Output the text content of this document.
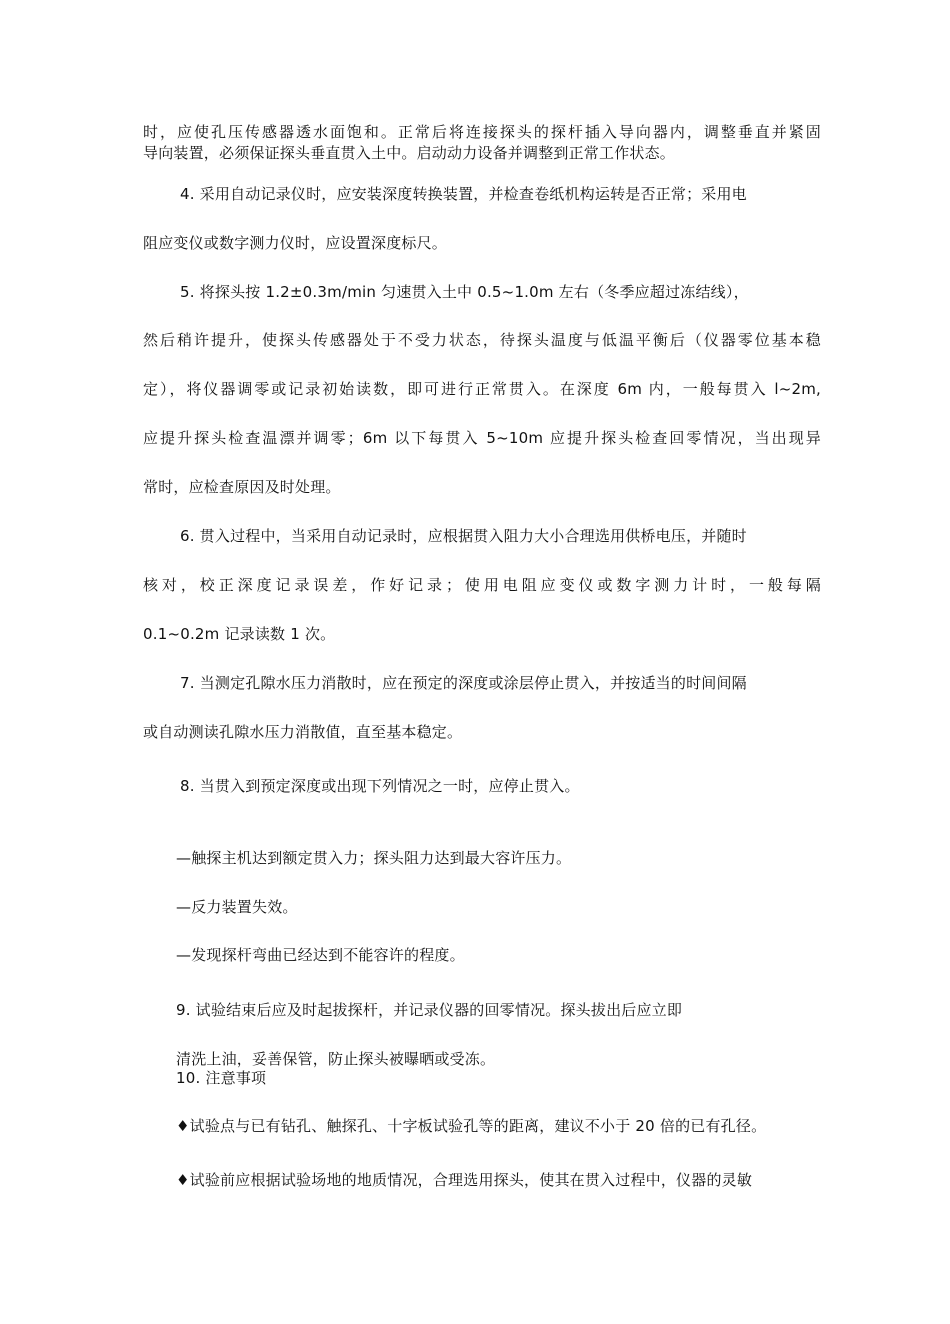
时，应使孔压传感器透水面饱和。正常后将连接探头的探杆插入导向器内，调整垂直并紧固
导向装置，必须保证探头垂直贯入土中。启动动力设备并调整到正常工作状态。
4. 采用自动记录仪时，应安装深度转换装置，并检查卷纸机构运转是否正常；采用电
阻应变仪或数字测力仪时，应设置深度标尺。
5. 将探头按 1.2±0.3m/min 匀速贯入土中 0.5~1.0m 左右（冬季应超过冻结线），
然后稍许提升，使探头传感器处于不受力状态，待探头温度与低温平衡后（仪器零位基本稳
定），将仪器调零或记录初始读数，即可进行正常贯入。在深度 6m 内，一般每贯入 l~2m,
应提升探头检查温漂并调零；6m 以下每贯入 5~10m 应提升探头检查回零情况，当出现异
常时，应检查原因及时处理。
6. 贯入过程中，当采用自动记录时，应根据贯入阻力大小合理选用供桥电压，并随时
核对，校正深度记录误差，作好记录；使用电阻应变仪或数字测力计时，一般每隔
0.1~0.2m 记录读数 1 次。
7. 当测定孔隙水压力消散时，应在预定的深度或涂层停止贯入，并按适当的时间间隔
或自动测读孔隙水压力消散值，直至基本稳定。
8. 当贯入到预定深度或出现下列情况之一时，应停止贯入。
—触探主机达到额定贯入力；探头阻力达到最大容许压力。
—反力装置失效。
—发现探杆弯曲已经达到不能容许的程度。
9. 试验结束后应及时起拔探杆，并记录仪器的回零情况。探头拔出后应立即
清洗上油，妥善保管，防止探头被曝晒或受冻。
10. 注意事项
♦试验点与已有钻孔、触探孔、十字板试验孔等的距离，建议不小于 20 倍的已有孔径。
♦试验前应根据试验场地的地质情况，合理选用探头，使其在贯入过程中，仪器的灵敏
